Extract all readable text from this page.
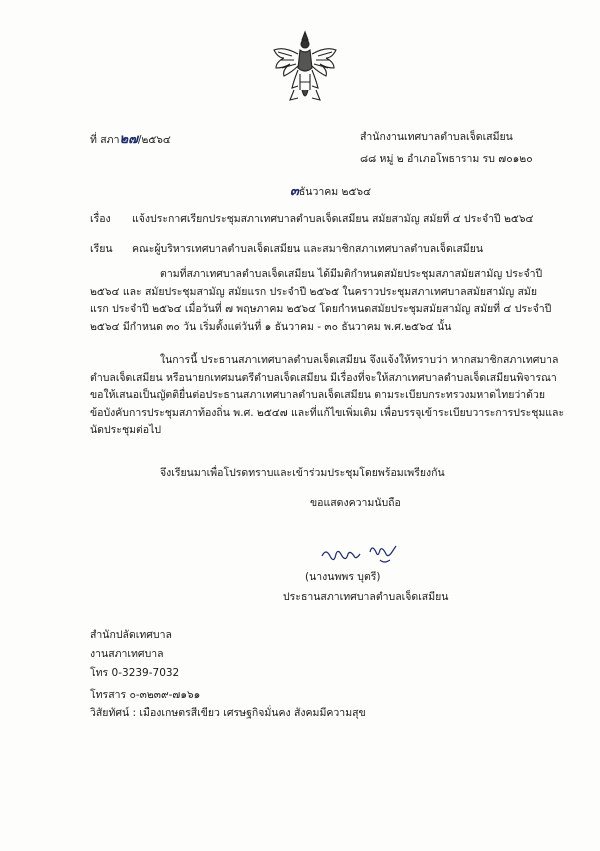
ที่ สภา๒๗/๒๕๖๔	สำนักงานเทศบาลตำบลเจ็ดเสมียน
๘๘ หมู่ ๒ อำเภอโพธาราม รบ ๗๐๑๒๐
๓ธันวาคม ๒๕๖๔
เรื่อง แจ้งประกาศเรียกประชุมสภาเทศบาลตำบลเจ็ดเสมียน สมัยสามัญ สมัยที่ ๔ ประจำปี ๒๕๖๔
เรียน คณะผู้บริหารเทศบาลตำบลเจ็ดเสมียน และสมาชิกสภาเทศบาลตำบลเจ็ดเสมียน
ตามที่สภาเทศบาลตำบลเจ็ดเสมียน ได้มีมติกำหนดสมัยประชุมสภาสมัยสามัญ ประจำปี
๒๕๖๔ และ สมัยประชุมสามัญ สมัยแรก ประจำปี ๒๕๖๕ ในคราวประชุมสภาเทศบาลสมัยสามัญ สมัย
แรก ประจำปี ๒๕๖๔ เมื่อวันที่ ๗ พฤษภาคม ๒๕๖๔ โดยกำหนดสมัยประชุมสมัยสามัญ สมัยที่ ๔ ประจำปี
๒๕๖๔ มีกำหนด ๓๐ วัน เริ่มตั้งแต่วันที่ ๑ ธันวาคม - ๓๐ ธันวาคม พ.ศ.๒๕๖๔ นั้น
ในการนี้ ประธานสภาเทศบาลตำบลเจ็ดเสมียน จึงแจ้งให้ทราบว่า หากสมาชิกสภาเทศบาล
ตำบลเจ็ดเสมียน หรือนายกเทศมนตรีตำบลเจ็ดเสมียน มีเรื่องที่จะให้สภาเทศบาลตำบลเจ็ดเสมียนพิจารณา
ขอให้เสนอเป็นญัตติยื่นต่อประธานสภาเทศบาลตำบลเจ็ดเสมียน ตามระเบียบกระทรวงมหาดไทยว่าด้วย
ข้อบังคับการประชุมสภาท้องถิ่น พ.ศ. ๒๕๔๗ และที่แก้ไขเพิ่มเติม เพื่อบรรจุเข้าระเบียบวาระการประชุมและ
นัดประชุมต่อไป
จึงเรียนมาเพื่อโปรดทราบและเข้าร่วมประชุมโดยพร้อมเพรียงกัน
ขอแสดงความนับถือ
(นางนพพร บุตรี)
ประธานสภาเทศบาลตำบลเจ็ดเสมียน
สำนักปลัดเทศบาล
งานสภาเทศบาล
โทร 0-3239-7032
โทรสาร ๐-๓๒๓๙-๗๑๖๑
วิสัยทัศน์ : เมืองเกษตรสีเขียว เศรษฐกิจมั่นคง สังคมมีความสุข
